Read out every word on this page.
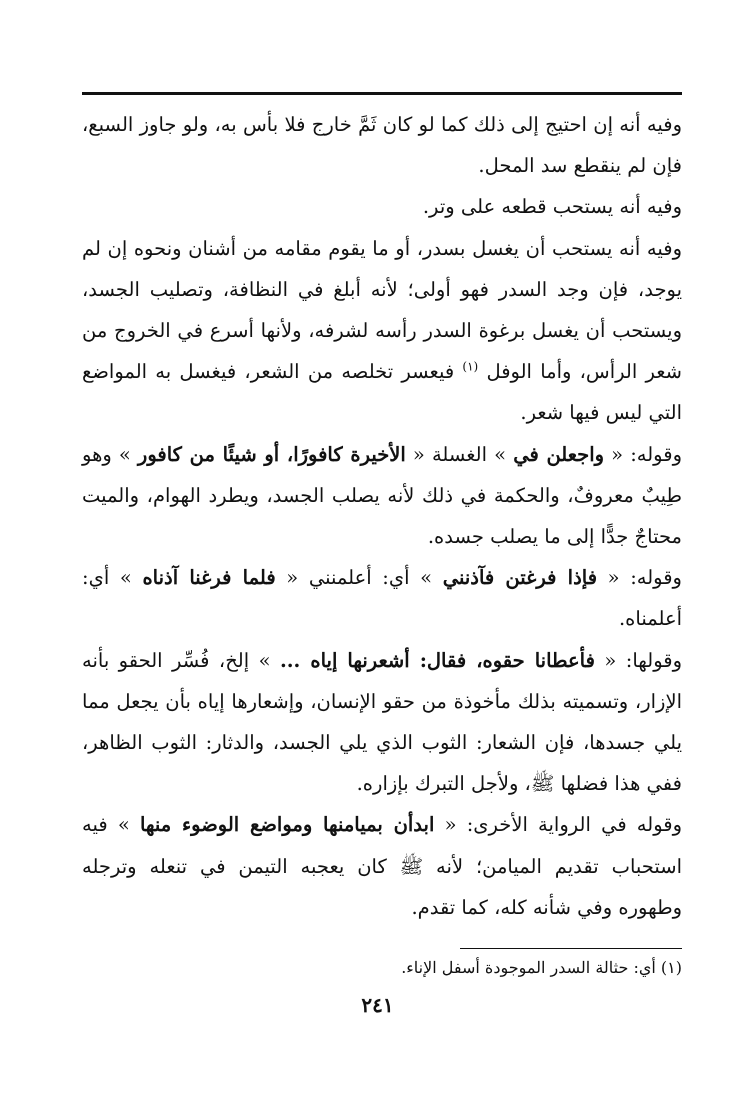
وفيه أنه إن احتيج إلى ذلك كما لو كان ثَمَّ خارج فلا بأس به، ولو جاوز السبع، فإن لم ينقطع سد المحل.

وفيه أنه يستحب قطعه على وتر.

وفيه أنه يستحب أن يغسل بسدر، أو ما يقوم مقامه من أشنان ونحوه إن لم يوجد، فإن وجد السدر فهو أولى؛ لأنه أبلغ في النظافة، وتصليب الجسد، ويستحب أن يغسل برغوة السدر رأسه لشرفه، ولأنها أسرع في الخروج من شعر الرأس، وأما الوفل $^{(١)}$ فيعسر تخلصه من الشعر، فيغسل به المواضع التي ليس فيها شعر.

وقوله: « واجعلن في » الغسلة « الأخيرة كافورًا، أو شيئًا من كافور » وهو طِيبٌ معروفٌ، والحكمة في ذلك لأنه يصلب الجسد، ويطرد الهوام، والميت محتاجٌ جدًّا إلى ما يصلب جسده.

وقوله: « فإذا فرغتن فآذنني » أي: أعلمنني « فلما فرغنا آذناه » أي: أعلمناه.

وقولها: « فأعطانا حقوه، فقال: أشعرنها إياه ... » إلخ، فُسِّر الحقو بأنه الإزار، وتسميته بذلك مأخوذة من حقو الإنسان، وإشعارها إياه بأن يجعل مما يلي جسدها، فإن الشعار: الثوب الذي يلي الجسد، والدثار: الثوب الظاهر، ففي هذا فضلها ﷺ، ولأجل التبرك بإزاره.

وقوله في الرواية الأخرى: « ابدأن بميامنها ومواضع الوضوء منها » فيه استحباب تقديم الميامن؛ لأنه ﷺ كان يعجبه التيمن في تنعله وترجله وطهوره وفي شأنه كله، كما تقدم.

(١) أي: حثالة السدر الموجودة أسفل الإناء.
٢٤١
